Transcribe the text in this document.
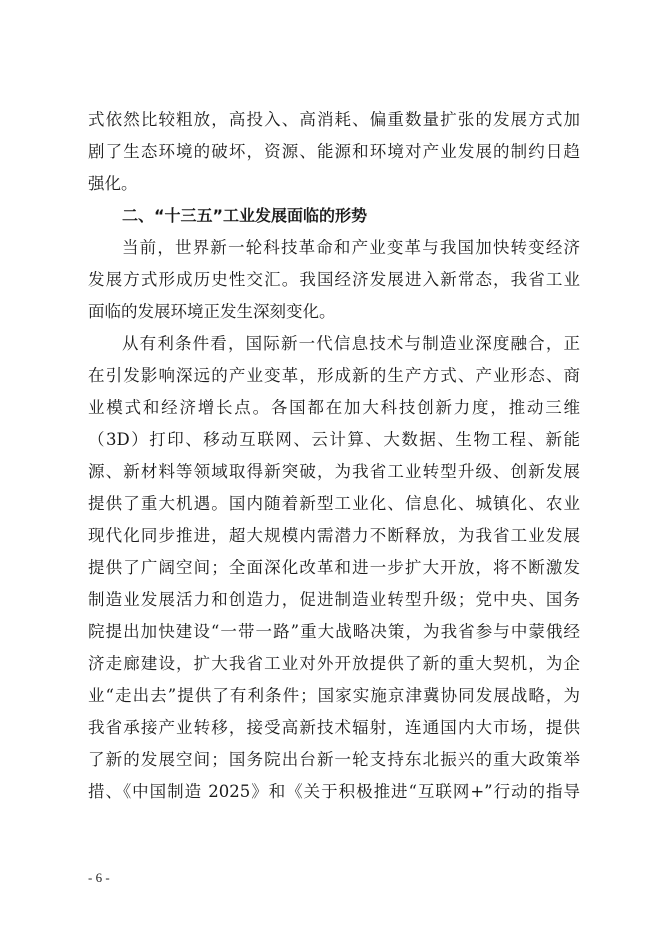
式依然比较粗放，高投入、高消耗、偏重数量扩张的发展方式加
剧了生态环境的破坏，资源、能源和环境对产业发展的制约日趋
强化。
二、“十三五”工业发展面临的形势
当前，世界新一轮科技革命和产业变革与我国加快转变经济
发展方式形成历史性交汇。我国经济发展进入新常态，我省工业
面临的发展环境正发生深刻变化。
从有利条件看，国际新一代信息技术与制造业深度融合，正
在引发影响深远的产业变革，形成新的生产方式、产业形态、商
业模式和经济增长点。各国都在加大科技创新力度，推动三维
（3D）打印、移动互联网、云计算、大数据、生物工程、新能
源、新材料等领域取得新突破，为我省工业转型升级、创新发展
提供了重大机遇。国内随着新型工业化、信息化、城镇化、农业
现代化同步推进，超大规模内需潜力不断释放，为我省工业发展
提供了广阔空间；全面深化改革和进一步扩大开放，将不断激发
制造业发展活力和创造力，促进制造业转型升级；党中央、国务
院提出加快建设“一带一路”重大战略决策，为我省参与中蒙俄经
济走廊建设，扩大我省工业对外开放提供了新的重大契机，为企
业“走出去”提供了有利条件；国家实施京津冀协同发展战略，为
我省承接产业转移，接受高新技术辐射，连通国内大市场，提供
了新的发展空间；国务院出台新一轮支持东北振兴的重大政策举
措、《中国制造 2025》和《关于积极推进“互联网+”行动的指导
- 6 -
